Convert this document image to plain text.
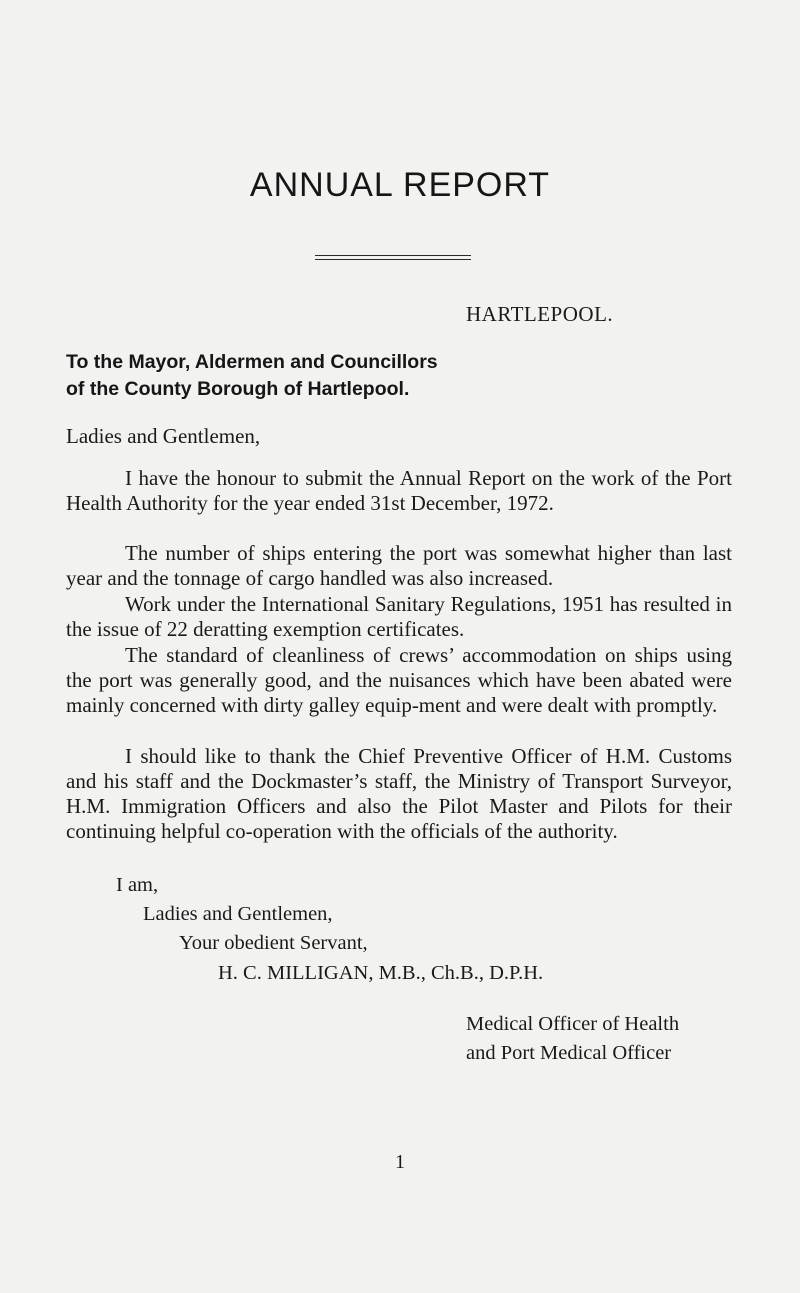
ANNUAL REPORT
HARTLEPOOL.
To the Mayor, Aldermen and Councillors
of the County Borough of Hartlepool.
Ladies and Gentlemen,

I have the honour to submit the Annual Report on the work of the Port Health Authority for the year ended 31st December, 1972.

The number of ships entering the port was somewhat higher than last year and the tonnage of cargo handled was also increased.

Work under the International Sanitary Regulations, 1951 has resulted in the issue of 22 deratting exemption certificates.

The standard of cleanliness of crews’ accommodation on ships using the port was generally good, and the nuisances which have been abated were mainly concerned with dirty galley equip-ment and were dealt with promptly.

I should like to thank the Chief Preventive Officer of H.M. Customs and his staff and the Dockmaster’s staff, the Ministry of Transport Surveyor, H.M. Immigration Officers and also the Pilot Master and Pilots for their continuing helpful co-operation with the officials of the authority.

I am,
Ladies and Gentlemen,
Your obedient Servant,
H. C. MILLIGAN, M.B., Ch.B., D.P.H.
Medical Officer of Health
and Port Medical Officer
1
